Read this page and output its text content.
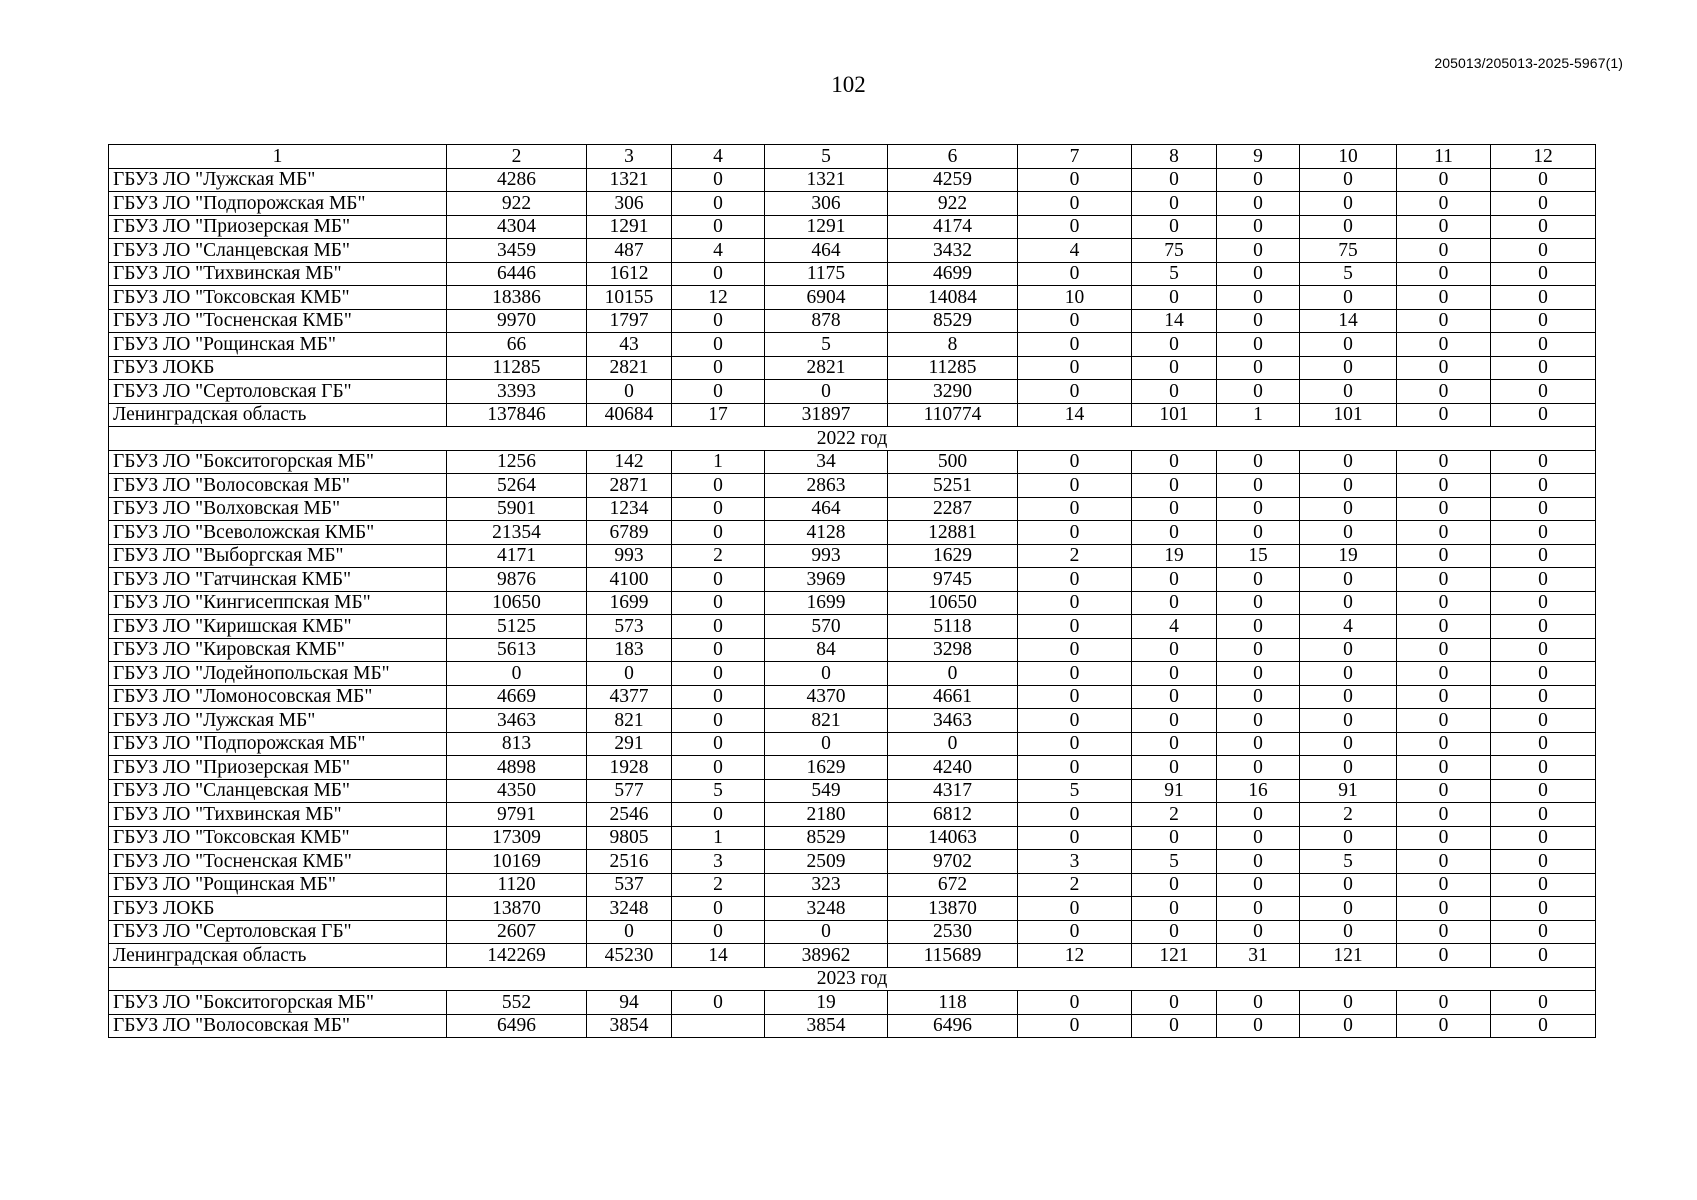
205013/205013-2025-5967(1)
102
1	2	3	4	5	6	7	8	9	10	11	12
ГБУЗ ЛО "Лужская МБ"	4286	1321	0	1321	4259	0	0	0	0	0	0
ГБУЗ ЛО "Подпорожская МБ"	922	306	0	306	922	0	0	0	0	0	0
ГБУЗ ЛО "Приозерская МБ"	4304	1291	0	1291	4174	0	0	0	0	0	0
ГБУЗ ЛО "Сланцевская МБ"	3459	487	4	464	3432	4	75	0	75	0	0
ГБУЗ ЛО "Тихвинская МБ"	6446	1612	0	1175	4699	0	5	0	5	0	0
ГБУЗ ЛО "Токсовская КМБ"	18386	10155	12	6904	14084	10	0	0	0	0	0
ГБУЗ ЛО "Тосненская КМБ"	9970	1797	0	878	8529	0	14	0	14	0	0
ГБУЗ ЛО "Рощинская МБ"	66	43	0	5	8	0	0	0	0	0	0
ГБУЗ ЛОКБ	11285	2821	0	2821	11285	0	0	0	0	0	0
ГБУЗ ЛО "Сертоловская ГБ"	3393	0	0	0	3290	0	0	0	0	0	0
Ленинградская область	137846	40684	17	31897	110774	14	101	1	101	0	0
2022 год											
ГБУЗ ЛО "Бокситогорская МБ"	1256	142	1	34	500	0	0	0	0	0	0
ГБУЗ ЛО "Волосовская МБ"	5264	2871	0	2863	5251	0	0	0	0	0	0
ГБУЗ ЛО "Волховская МБ"	5901	1234	0	464	2287	0	0	0	0	0	0
ГБУЗ ЛО "Всеволожская КМБ"	21354	6789	0	4128	12881	0	0	0	0	0	0
ГБУЗ ЛО "Выборгская МБ"	4171	993	2	993	1629	2	19	15	19	0	0
ГБУЗ ЛО "Гатчинская КМБ"	9876	4100	0	3969	9745	0	0	0	0	0	0
ГБУЗ ЛО "Кингисеппская МБ"	10650	1699	0	1699	10650	0	0	0	0	0	0
ГБУЗ ЛО "Киришская КМБ"	5125	573	0	570	5118	0	4	0	4	0	0
ГБУЗ ЛО "Кировская КМБ"	5613	183	0	84	3298	0	0	0	0	0	0
ГБУЗ ЛО "Лодейнопольская МБ"	0	0	0	0	0	0	0	0	0	0	0
ГБУЗ ЛО "Ломоносовская МБ"	4669	4377	0	4370	4661	0	0	0	0	0	0
ГБУЗ ЛО "Лужская МБ"	3463	821	0	821	3463	0	0	0	0	0	0
ГБУЗ ЛО "Подпорожская МБ"	813	291	0	0	0	0	0	0	0	0	0
ГБУЗ ЛО "Приозерская МБ"	4898	1928	0	1629	4240	0	0	0	0	0	0
ГБУЗ ЛО "Сланцевская МБ"	4350	577	5	549	4317	5	91	16	91	0	0
ГБУЗ ЛО "Тихвинская МБ"	9791	2546	0	2180	6812	0	2	0	2	0	0
ГБУЗ ЛО "Токсовская КМБ"	17309	9805	1	8529	14063	0	0	0	0	0	0
ГБУЗ ЛО "Тосненская КМБ"	10169	2516	3	2509	9702	3	5	0	5	0	0
ГБУЗ ЛО "Рощинская МБ"	1120	537	2	323	672	2	0	0	0	0	0
ГБУЗ ЛОКБ	13870	3248	0	3248	13870	0	0	0	0	0	0
ГБУЗ ЛО "Сертоловская ГБ"	2607	0	0	0	2530	0	0	0	0	0	0
Ленинградская область	142269	45230	14	38962	115689	12	121	31	121	0	0
2023 год											
ГБУЗ ЛО "Бокситогорская МБ"	552	94	0	19	118	0	0	0	0	0	0
ГБУЗ ЛО "Волосовская МБ"	6496	3854		3854	6496	0	0	0	0	0	0
